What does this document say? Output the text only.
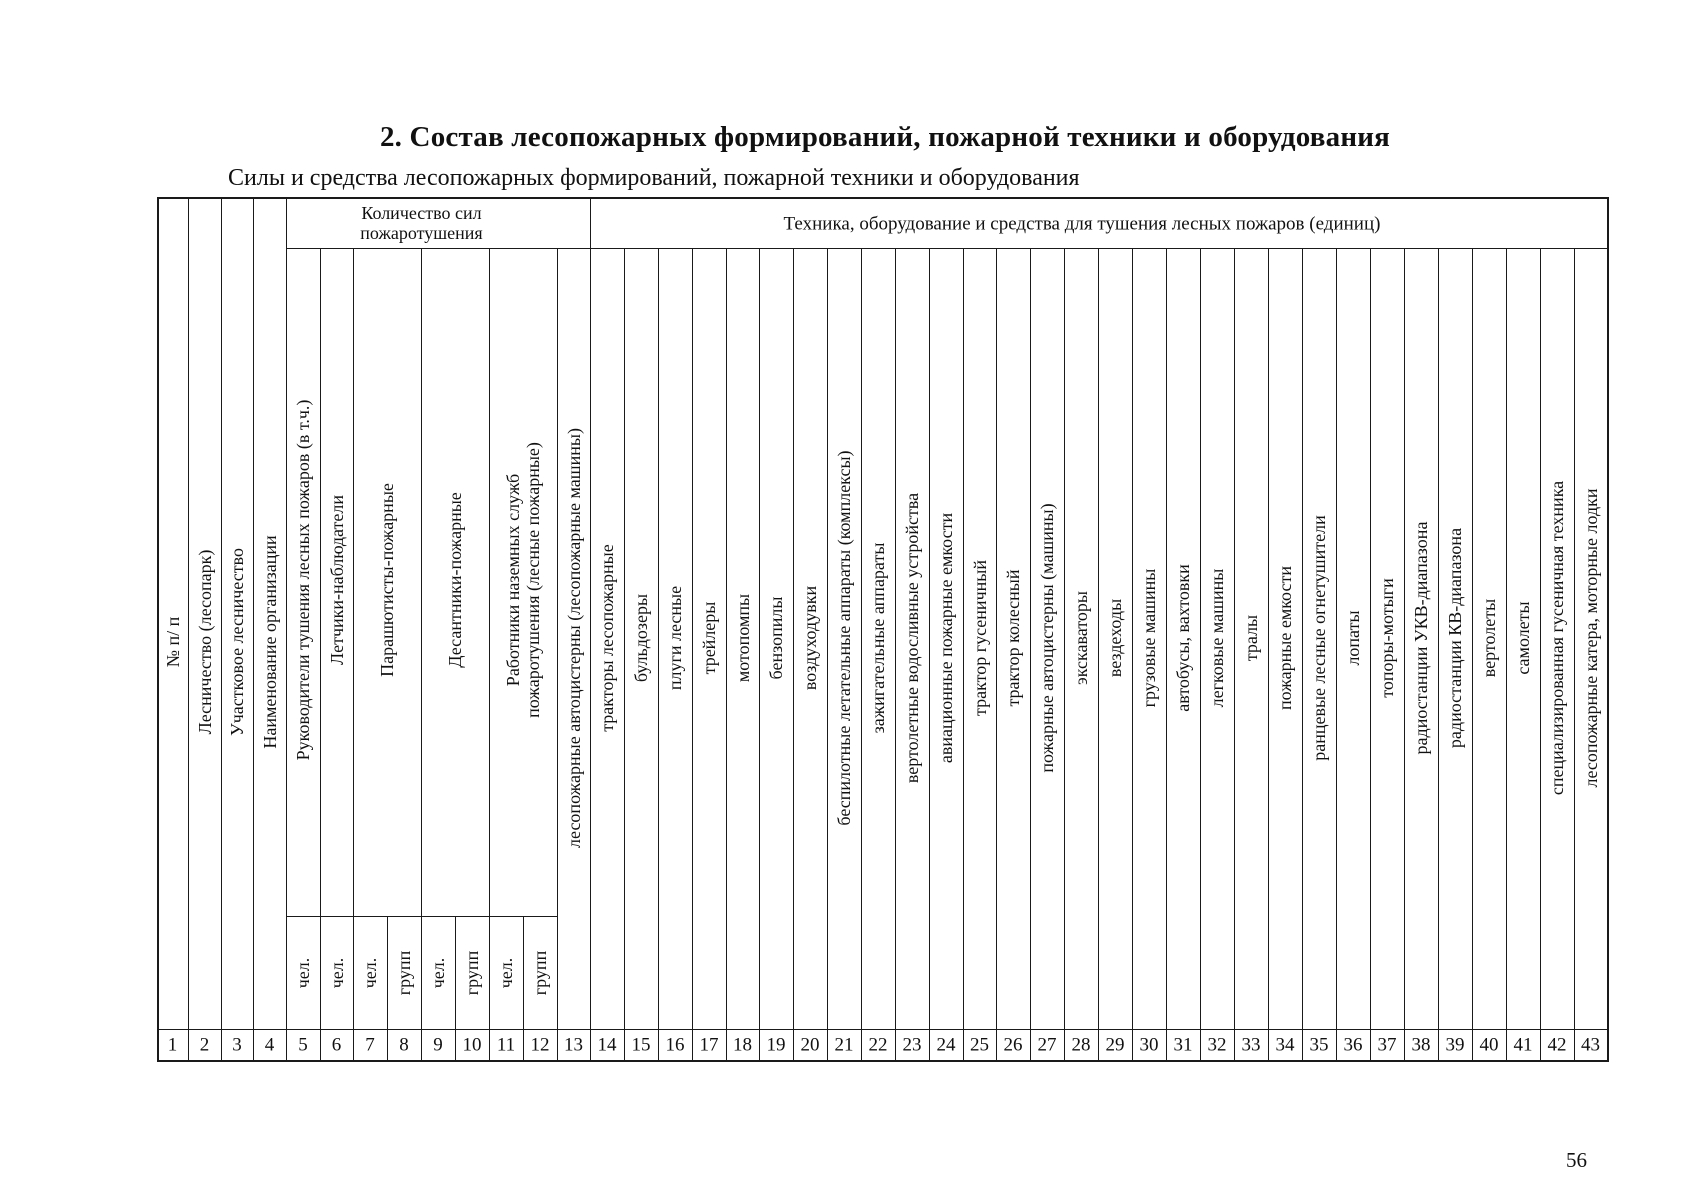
2. Состав лесопожарных формирований, пожарной техники и оборудования
Силы и средства лесопожарных формирований, пожарной техники и оборудования
Количество сил пожаротушения	Техника, оборудование и средства для тушения лесных пожаров (единиц)
№ п/ п Лесничество (лесопарк) Участковое лесничество Наименование организации Руководители тушения лесных пожаров (в т.ч.) Летчики-наблюдатели Парашютисты-пожарные	Десантники-пожарные Работники наземных служб пожаротушения (лесные пожарные) лесопожарные автоцистерны (лесопожарные машины) тракторы лесопожарные бульдозеры плуги лесные трейлеры мотопомпы бензопилы воздуходувки беспилотные летательные аппараты (комплексы) зажигательные аппараты вертолетные водосливные устройства авиационные пожарные емкости трактор гусеничный трактор колесный пожарные автоцистерны (машины) экскаваторы вездеходы грузовые машины автобусы, вахтовки легковые машины тралы пожарные емкости ранцевые лесные огнетушители лопаты топоры-мотыги радиостанции УКВ-диапазона радиостанции КВ-диапазона вертолеты самолеты специализированная гусеничная техника лесопожарные катера, моторные лодки
чел. чел. чел. групп чел. групп чел. групп
1 2 3 4 5 6 7 8 9 10 11 12 13 14 15 16 17 18 19 20 21 22 23 24 25 26 27 28 29 30 31 32 33 34 35 36 37 38 39 40 41 42 43
56
